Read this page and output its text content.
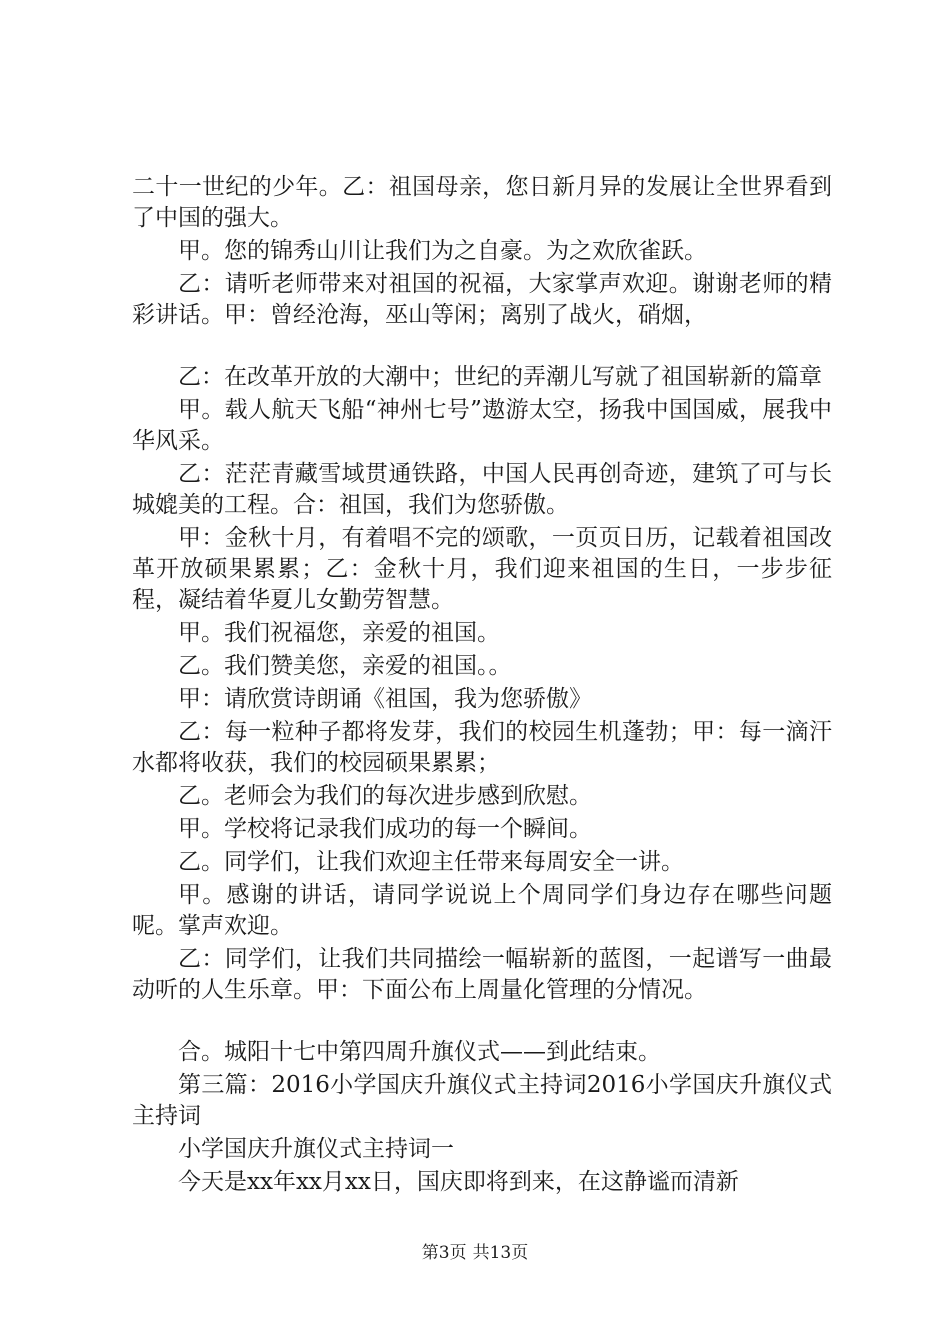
二十一世纪的少年。乙：祖国母亲，您日新月异的发展让全世界看到了中国的强大。

甲。您的锦秀山川让我们为之自豪。为之欢欣雀跃。

乙：请听老师带来对祖国的祝福，大家掌声欢迎。谢谢老师的精彩讲话。甲：曾经沧海，巫山等闲；离别了战火，硝烟，

乙：在改革开放的大潮中；世纪的弄潮儿写就了祖国崭新的篇章

甲。载人航天飞船“神州七号”遨游太空，扬我中国国威，展我中华风采。

乙：茫茫青藏雪域贯通铁路，中国人民再创奇迹，建筑了可与长城媲美的工程。合：祖国，我们为您骄傲。

甲：金秋十月，有着唱不完的颂歌，一页页日历，记载着祖国改革开放硕果累累；乙：金秋十月，我们迎来祖国的生日，一步步征程，凝结着华夏儿女勤劳智慧。

甲。我们祝福您，亲爱的祖国。

乙。我们赞美您，亲爱的祖国。。

甲：请欣赏诗朗诵《祖国，我为您骄傲》

乙：每一粒种子都将发芽，我们的校园生机蓬勃；甲：每一滴汗水都将收获，我们的校园硕果累累；

乙。老师会为我们的每次进步感到欣慰。

甲。学校将记录我们成功的每一个瞬间。

乙。同学们，让我们欢迎主任带来每周安全一讲。

甲。感谢的讲话，请同学说说上个周同学们身边存在哪些问题呢。掌声欢迎。

乙：同学们，让我们共同描绘一幅崭新的蓝图，一起谱写一曲最动听的人生乐章。甲：下面公布上周量化管理的分情况。

合。城阳十七中第四周升旗仪式——到此结束。

第三篇：2016小学国庆升旗仪式主持词2016小学国庆升旗仪式主持词

小学国庆升旗仪式主持词一

今天是xx年xx月xx日，国庆即将到来，在这静谧而清新

第3页 共13页
